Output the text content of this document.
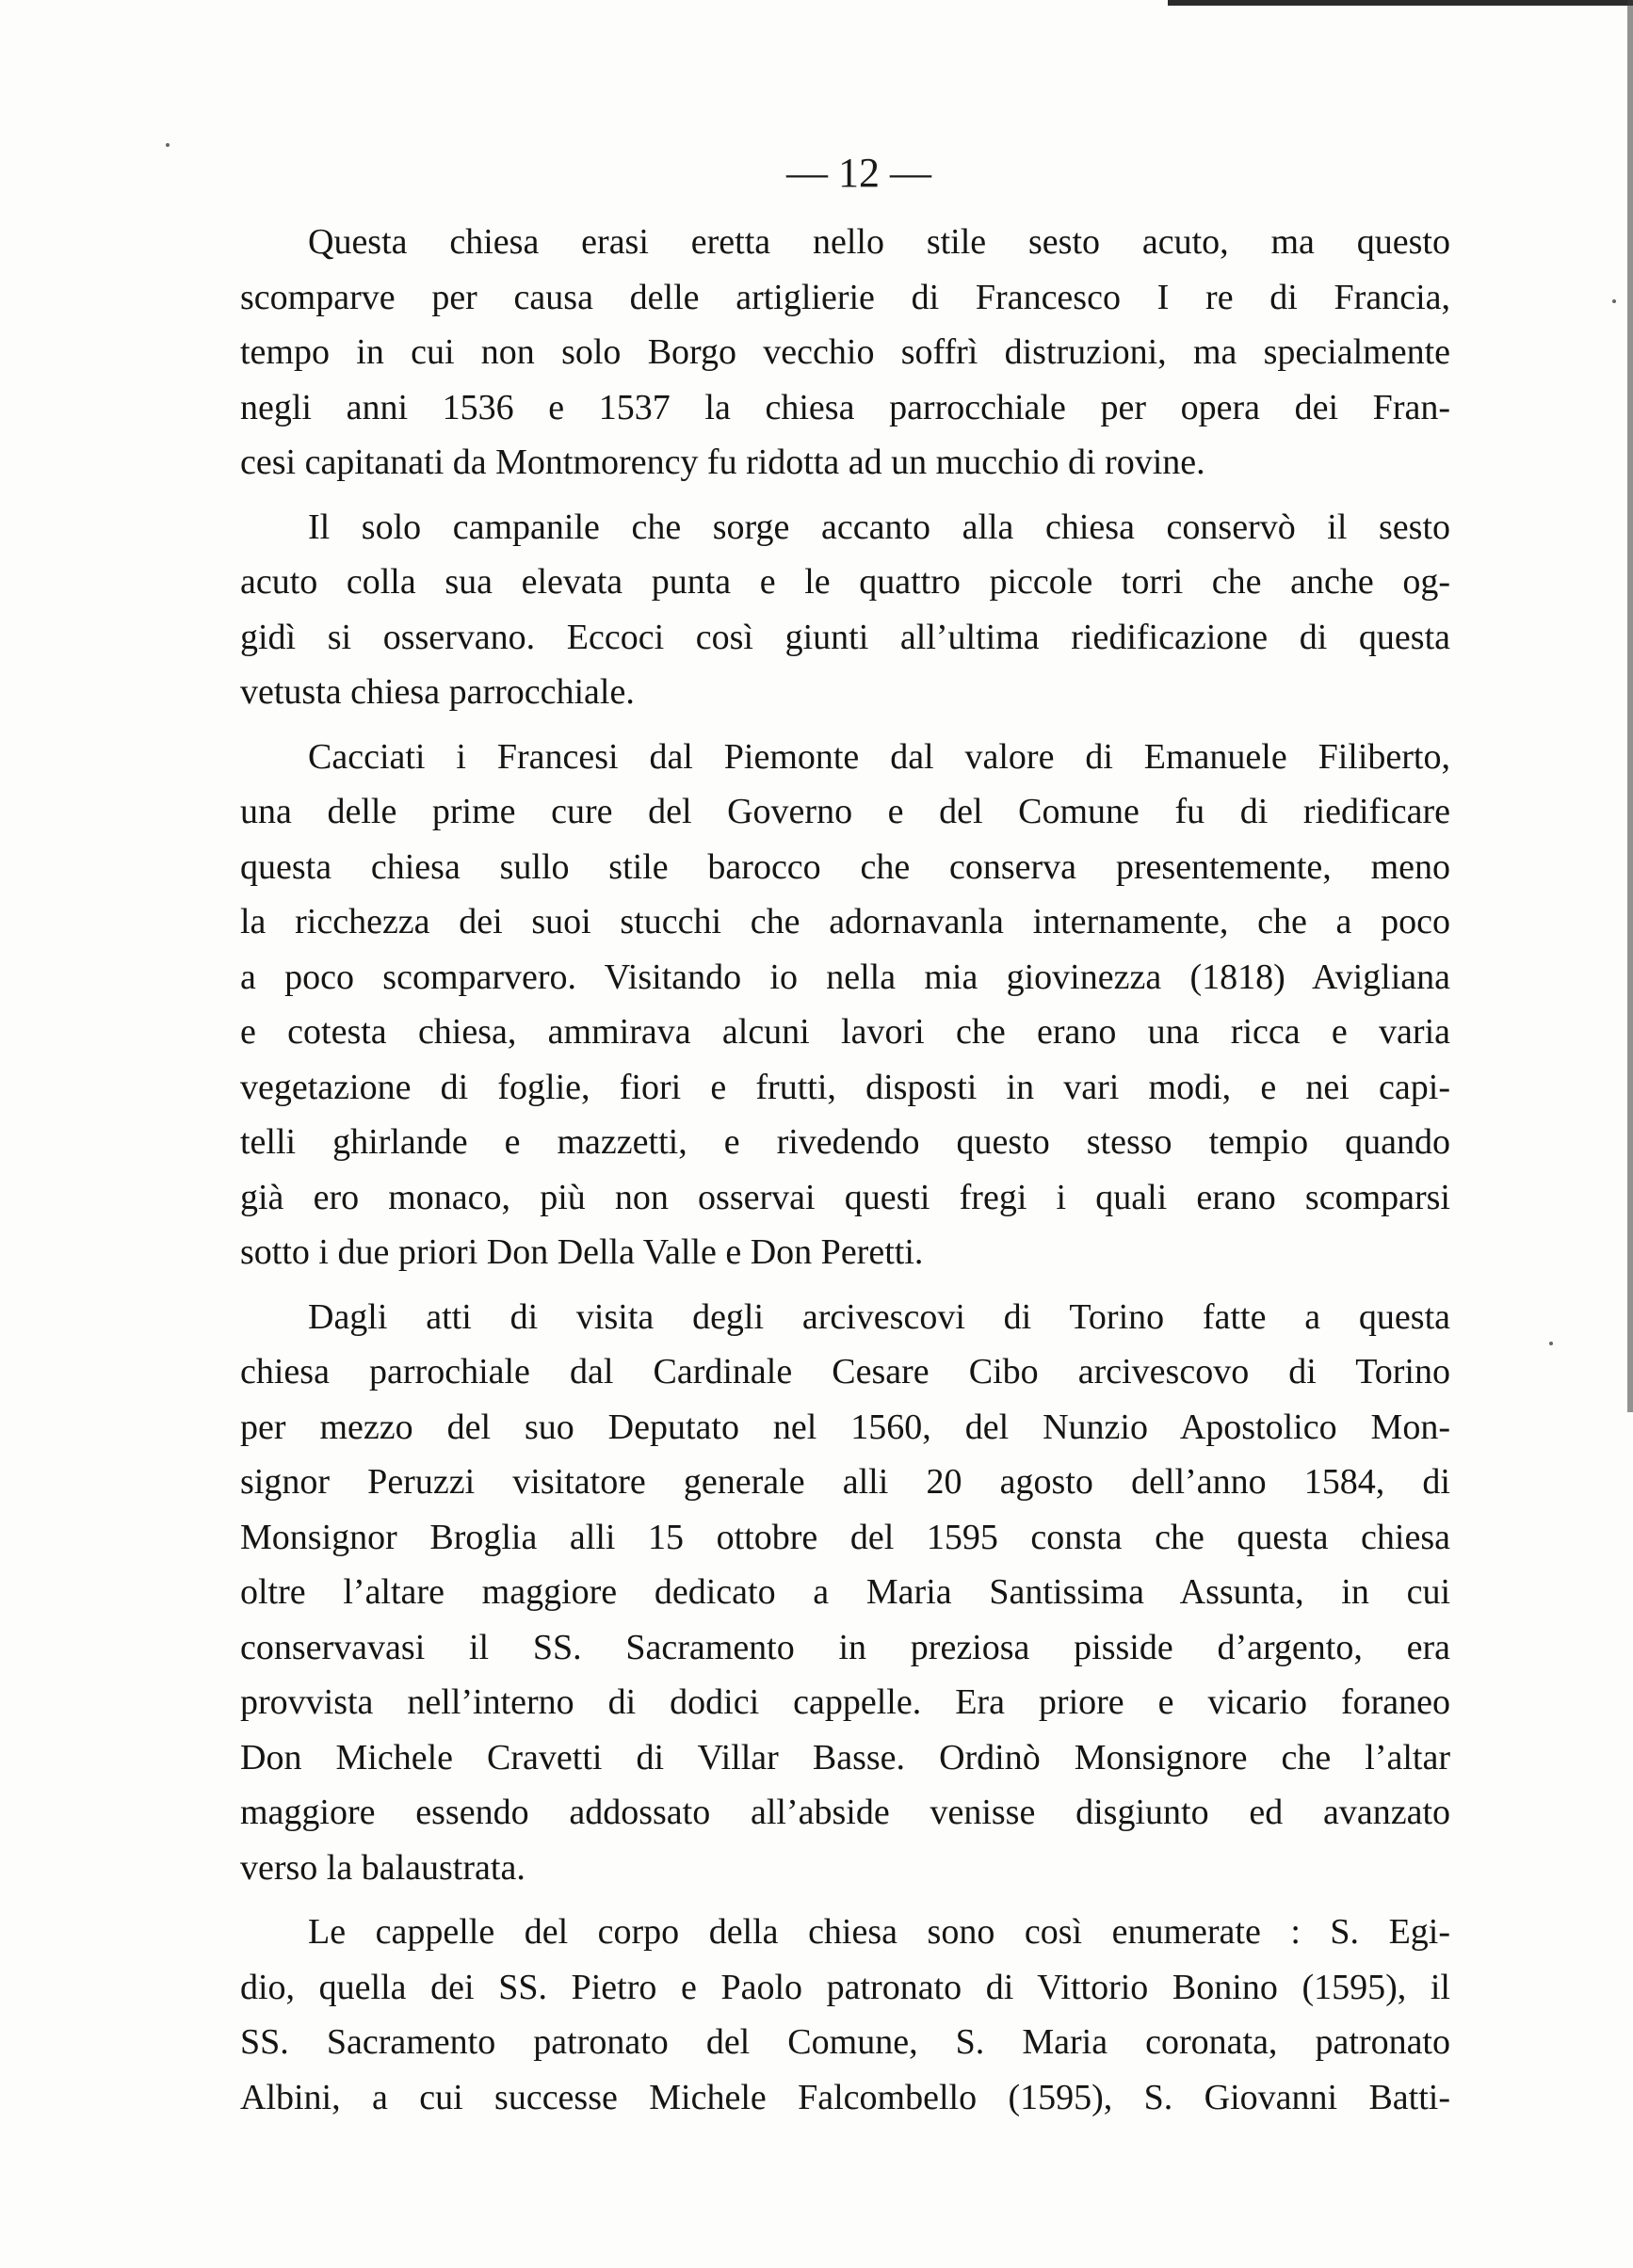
— 12 —
Questa chiesa erasi eretta nello stile sesto acuto, ma questo
scomparve per causa delle artiglierie di Francesco I re di Francia,
tempo in cui non solo Borgo vecchio soffrì distruzioni, ma specialmente
negli anni 1536 e 1537 la chiesa parrocchiale per opera dei Fran-
cesi capitanati da Montmorency fu ridotta ad un mucchio di rovine.
Il solo campanile che sorge accanto alla chiesa conservò il sesto
acuto colla sua elevata punta e le quattro piccole torri che anche og-
gidì si osservano. Eccoci così giunti all’ultima riedificazione di questa
vetusta chiesa parrocchiale.
Cacciati i Francesi dal Piemonte dal valore di Emanuele Filiberto,
una delle prime cure del Governo e del Comune fu di riedificare
questa chiesa sullo stile barocco che conserva presentemente, meno
la ricchezza dei suoi stucchi che adornavanla internamente, che a poco
a poco scomparvero. Visitando io nella mia giovinezza (1818) Avigliana
e cotesta chiesa, ammirava alcuni lavori che erano una ricca e varia
vegetazione di foglie, fiori e frutti, disposti in vari modi, e nei capi-
telli ghirlande e mazzetti, e rivedendo questo stesso tempio quando
già ero monaco, più non osservai questi fregi i quali erano scomparsi
sotto i due priori Don Della Valle e Don Peretti.
Dagli atti di visita degli arcivescovi di Torino fatte a questa
chiesa parrochiale dal Cardinale Cesare Cibo arcivescovo di Torino
per mezzo del suo Deputato nel 1560, del Nunzio Apostolico Mon-
signor Peruzzi visitatore generale alli 20 agosto dell’anno 1584, di
Monsignor Broglia alli 15 ottobre del 1595 consta che questa chiesa
oltre l’altare maggiore dedicato a Maria Santissima Assunta, in cui
conservavasi il SS. Sacramento in preziosa pisside d’argento, era
provvista nell’interno di dodici cappelle. Era priore e vicario foraneo
Don Michele Cravetti di Villar Basse. Ordinò Monsignore che l’altar
maggiore essendo addossato all’abside venisse disgiunto ed avanzato
verso la balaustrata.
Le cappelle del corpo della chiesa sono così enumerate : S. Egi-
dio, quella dei SS. Pietro e Paolo patronato di Vittorio Bonino (1595), il
SS. Sacramento patronato del Comune, S. Maria coronata, patronato
Albini, a cui successe Michele Falcombello (1595), S. Giovanni Batti-
